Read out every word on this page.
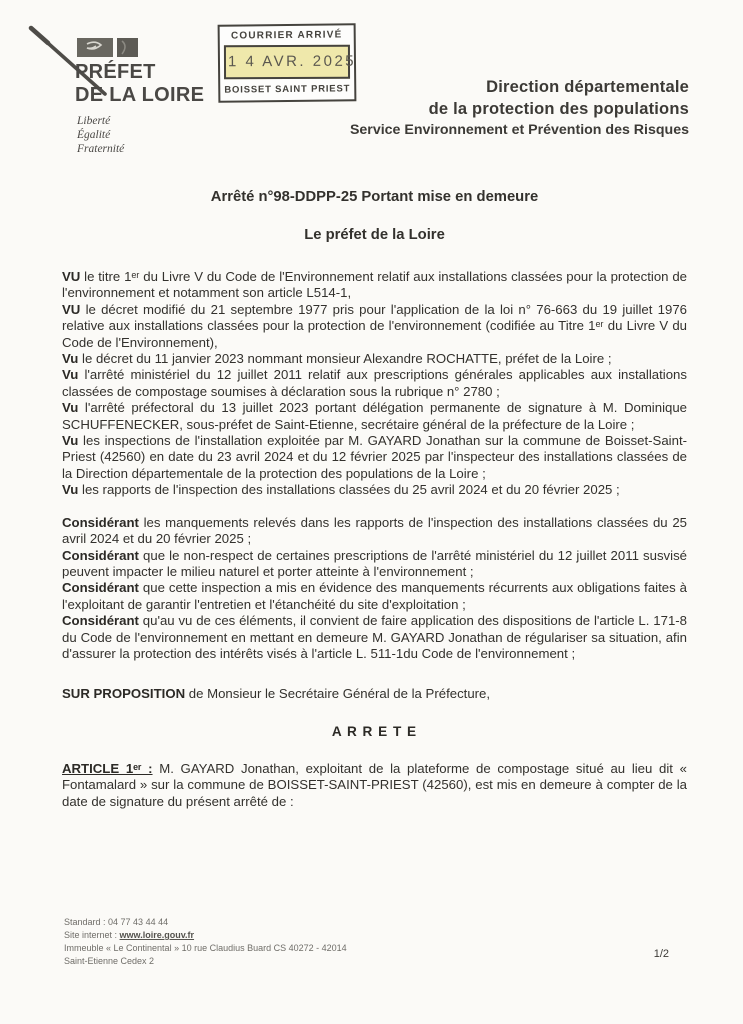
PRÉFET
DE LA LOIRE
Liberté
Égalité
Fraternité
COURRIER ARRIVÉ
1 4 AVR. 2025
BOISSET SAINT PRIEST	Direction départementale
de la protection des populations
Service Environnement et Prévention des Risques
Arrêté n°98-DDPP-25 Portant mise en demeure
Le préfet de la Loire

VU le titre 1ᵉʳ du Livre V du Code de l'Environnement relatif aux installations classées pour la protection de l'environnement et notamment son article L514-1,

VU le décret modifié du 21 septembre 1977 pris pour l'application de la loi n° 76-663 du 19 juillet 1976 relative aux installations classées pour la protection de l'environnement (codifiée au Titre 1ᵉʳ du Livre V du Code de l'Environnement),

Vu le décret du 11 janvier 2023 nommant monsieur Alexandre ROCHATTE, préfet de la Loire ;

Vu l'arrêté ministériel du 12 juillet 2011 relatif aux prescriptions générales applicables aux installations classées de compostage soumises à déclaration sous la rubrique n° 2780 ;

Vu l'arrêté préfectoral du 13 juillet 2023 portant délégation permanente de signature à M. Dominique SCHUFFENECKER, sous-préfet de Saint-Etienne, secrétaire général de la préfecture de la Loire ;

Vu les inspections de l'installation exploitée par M. GAYARD Jonathan sur la commune de Boisset-Saint-Priest (42560) en date du 23 avril 2024 et du 12 février 2025 par l'inspecteur des installations classées de la Direction départementale de la protection des populations de la Loire ;

Vu les rapports de l'inspection des installations classées du 25 avril 2024 et du 20 février 2025 ;

Considérant les manquements relevés dans les rapports de l'inspection des installations classées du 25 avril 2024 et du 20 février 2025 ;

Considérant que le non-respect de certaines prescriptions de l'arrêté ministériel du 12 juillet 2011 susvisé peuvent impacter le milieu naturel et porter atteinte à l'environnement ;

Considérant que cette inspection a mis en évidence des manquements récurrents aux obligations faites à l'exploitant de garantir l'entretien et l'étanchéité du site d'exploitation ;

Considérant qu'au vu de ces éléments, il convient de faire application des dispositions de l'article L. 171-8 du Code de l'environnement en mettant en demeure M. GAYARD Jonathan de régulariser sa situation, afin d'assurer la protection des intérêts visés à l'article L. 511-1du Code de l'environnement ;

SUR PROPOSITION de Monsieur le Secrétaire Général de la Préfecture,

A R R E T E

ARTICLE 1ᵉʳ : M. GAYARD Jonathan, exploitant de la plateforme de compostage situé au lieu dit « Fontamalard » sur la commune de BOISSET-SAINT-PRIEST (42560), est mis en demeure à compter de la date de signature du présent arrêté de :

Standard : 04 77 43 44 44
Site internet : www.loire.gouv.fr
Immeuble « Le Continental » 10 rue Claudius Buard CS 40272 - 42014
Saint-Etienne Cedex 2
1/2
